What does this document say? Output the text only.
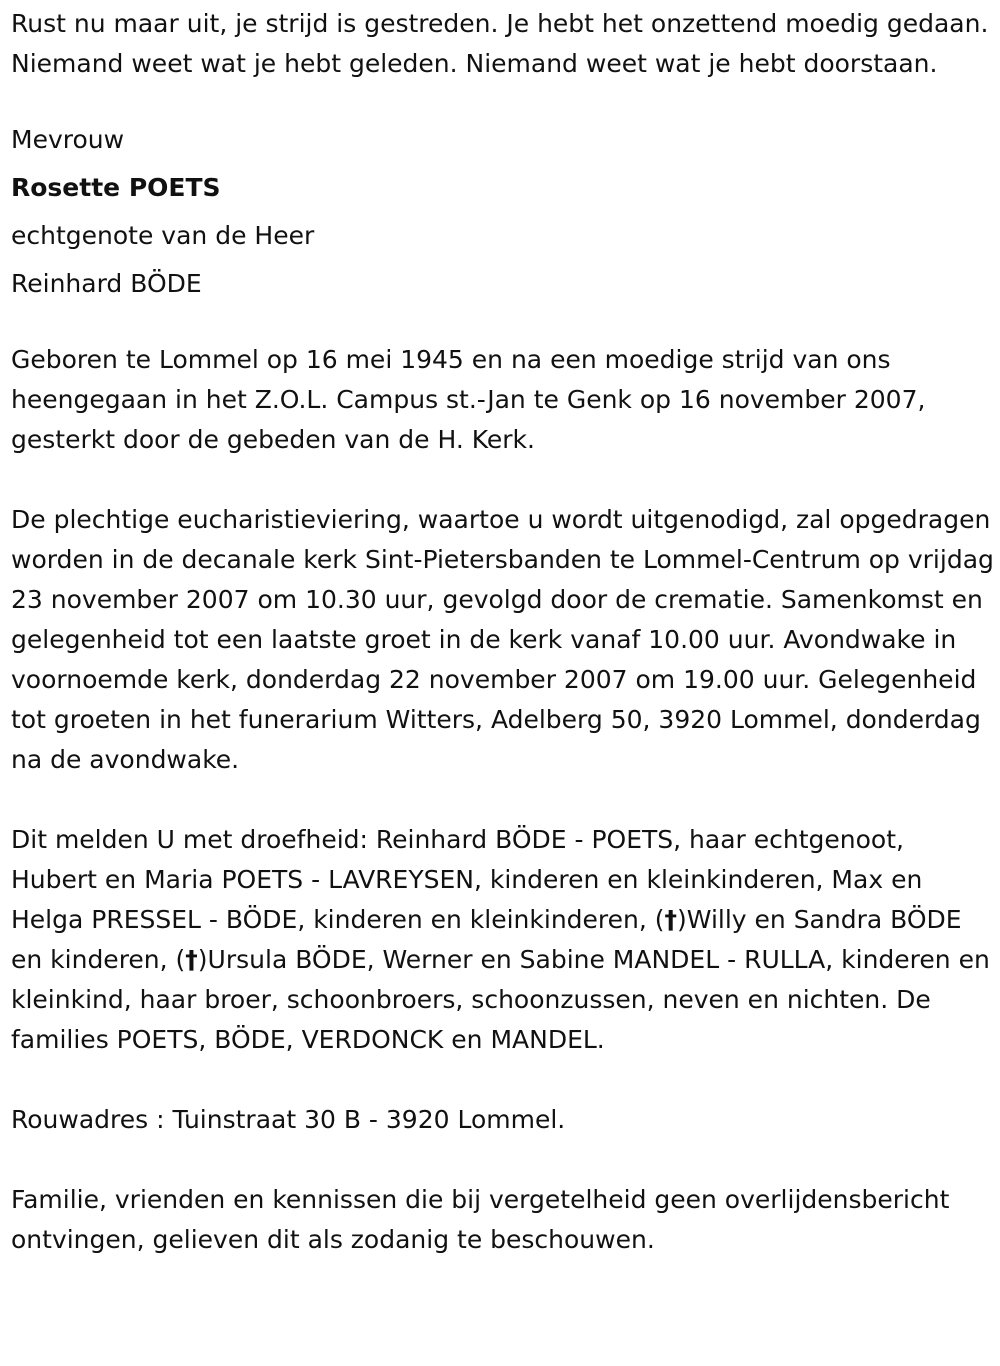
Rust nu maar uit, je strijd is gestreden. Je hebt het onzettend moedig gedaan. Niemand weet wat je hebt geleden. Niemand weet wat je hebt doorstaan.

Mevrouw

Rosette POETS

echtgenote van de Heer

Reinhard BÖDE

Geboren te Lommel op 16 mei 1945 en na een moedige strijd van ons heengegaan in het Z.O.L. Campus st.-Jan te Genk op 16 november 2007, gesterkt door de gebeden van de H. Kerk.

De plechtige eucharistieviering, waartoe u wordt uitgenodigd, zal opgedragen worden in de decanale kerk Sint-Pietersbanden te Lommel-Centrum op vrijdag 23 november 2007 om 10.30 uur, gevolgd door de crematie. Samenkomst en gelegenheid tot een laatste groet in de kerk vanaf 10.00 uur. Avondwake in voornoemde kerk, donderdag 22 november 2007 om 19.00 uur. Gelegenheid tot groeten in het funerarium Witters, Adelberg 50, 3920 Lommel, donderdag na de avondwake.

Dit melden U met droefheid: Reinhard BÖDE - POETS, haar echtgenoot, Hubert en Maria POETS - LAVREYSEN, kinderen en kleinkinderen, Max en Helga PRESSEL - BÖDE, kinderen en kleinkinderen, (†)Willy en Sandra BÖDE en kinderen, (†)Ursula BÖDE, Werner en Sabine MANDEL - RULLA, kinderen en kleinkind, haar broer, schoonbroers, schoonzussen, neven en nichten. De families POETS, BÖDE, VERDONCK en MANDEL.

Rouwadres : Tuinstraat 30 B - 3920 Lommel.

Familie, vrienden en kennissen die bij vergetelheid geen overlijdensbericht ontvingen, gelieven dit als zodanig te beschouwen.
